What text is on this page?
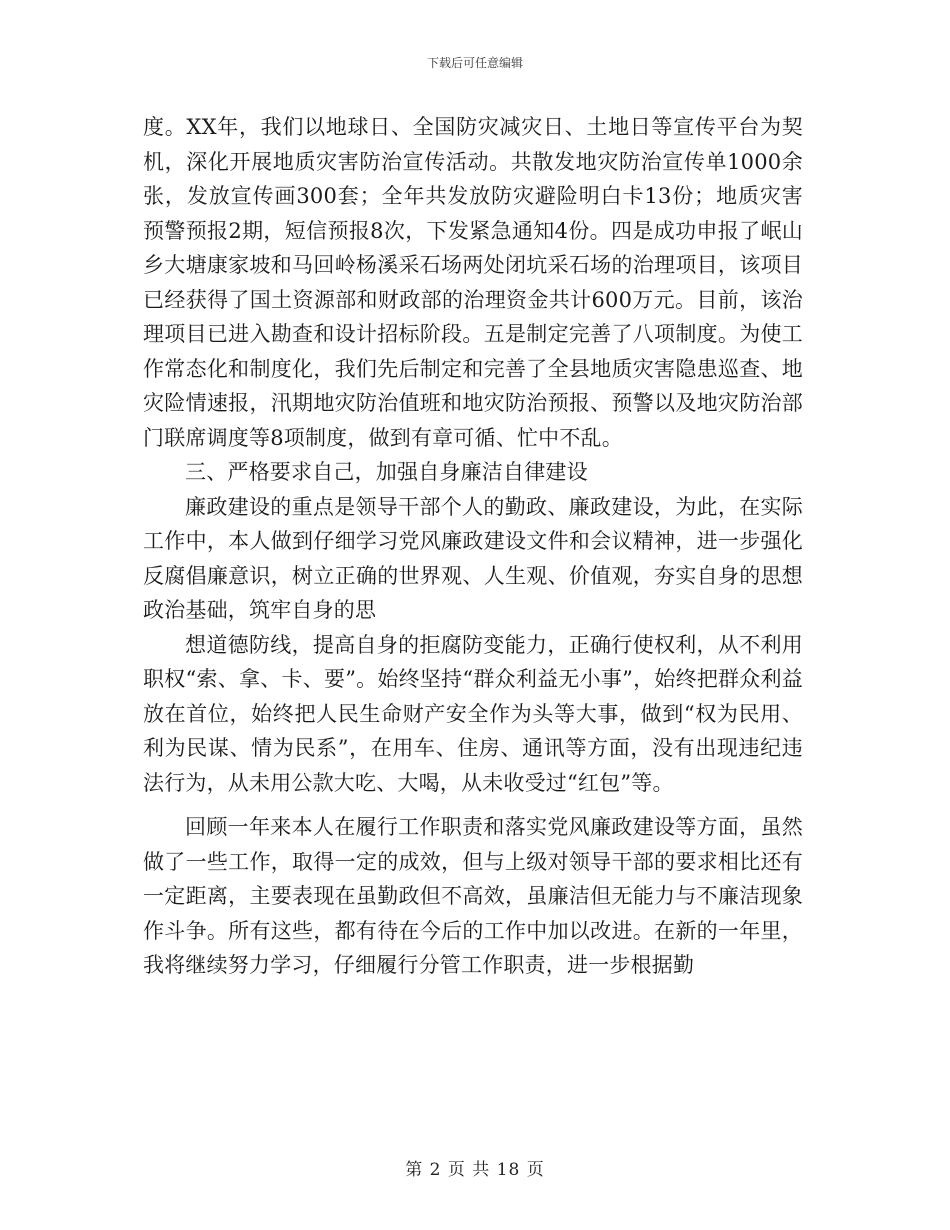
下载后可任意编辑

度。XX年，我们以地球日、全国防灾减灾日、土地日等宣传平台为契机，深化开展地质灾害防治宣传活动。共散发地灾防治宣传单1000余张，发放宣传画300套；全年共发放防灾避险明白卡13份；地质灾害预警预报2期，短信预报8次，下发紧急通知4份。四是成功申报了岷山乡大塘康家坡和马回岭杨溪采石场两处闭坑采石场的治理项目，该项目已经获得了国土资源部和财政部的治理资金共计600万元。目前，该治理项目已进入勘查和设计招标阶段。五是制定完善了八项制度。为使工作常态化和制度化，我们先后制定和完善了全县地质灾害隐患巡查、地灾险情速报，汛期地灾防治值班和地灾防治预报、预警以及地灾防治部门联席调度等8项制度，做到有章可循、忙中不乱。

三、严格要求自己，加强自身廉洁自律建设

廉政建设的重点是领导干部个人的勤政、廉政建设，为此，在实际工作中，本人做到仔细学习党风廉政建设文件和会议精神，进一步强化反腐倡廉意识，树立正确的世界观、人生观、价值观，夯实自身的思想政治基础，筑牢自身的思

想道德防线，提高自身的拒腐防变能力，正确行使权利，从不利用职权“索、拿、卡、要”。始终坚持“群众利益无小事”，始终把群众利益放在首位，始终把人民生命财产安全作为头等大事，做到“权为民用、利为民谋、情为民系”，在用车、住房、通讯等方面，没有出现违纪违法行为，从未用公款大吃、大喝，从未收受过“红包”等。

回顾一年来本人在履行工作职责和落实党风廉政建设等方面，虽然做了一些工作，取得一定的成效，但与上级对领导干部的要求相比还有一定距离，主要表现在虽勤政但不高效，虽廉洁但无能力与不廉洁现象作斗争。所有这些，都有待在今后的工作中加以改进。在新的一年里，我将继续努力学习，仔细履行分管工作职责，进一步根据勤

第 2 页 共 18 页
